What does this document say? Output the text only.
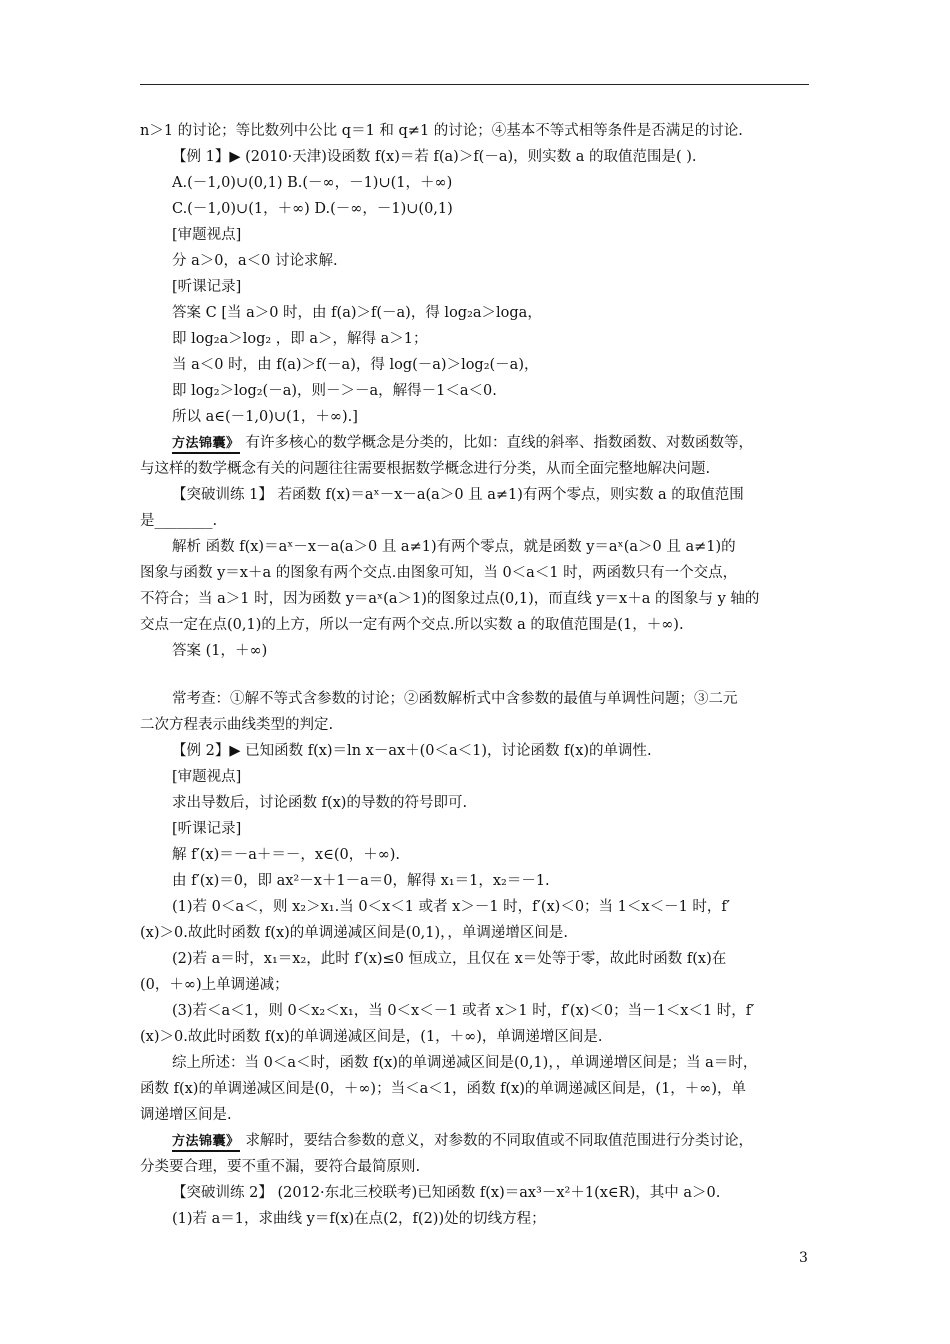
n＞1 的讨论；等比数列中公比 q＝1 和 q≠1 的讨论；④基本不等式相等条件是否满足的讨论.
【例 1】▶ (2010·天津)设函数 f(x)＝若 f(a)＞f(－a)，则实数 a 的取值范围是( ).
A.(－1,0)∪(0,1) B.(－∞，－1)∪(1，＋∞)
C.(－1,0)∪(1，＋∞) D.(－∞，－1)∪(0,1)
[审题视点]
分 a＞0，a＜0 讨论求解.
[听课记录]
答案 C [当 a＞0 时，由 f(a)＞f(－a)，得 log₂a＞loga，
即 log₂a＞log₂ ，即 a＞，解得 a＞1；
当 a＜0 时，由 f(a)＞f(－a)，得 log(－a)＞log₂(－a)，
即 log₂＞log₂(－a)，则－＞－a，解得－1＜a＜0.
所以 a∈(－1,0)∪(1，＋∞).]
方法锦囊》 有许多核心的数学概念是分类的，比如：直线的斜率、指数函数、对数函数等，
与这样的数学概念有关的问题往往需要根据数学概念进行分类，从而全面完整地解决问题.
【突破训练 1】 若函数 f(x)＝aˣ－x－a(a＞0 且 a≠1)有两个零点，则实数 a 的取值范围
是________.
解析 函数 f(x)＝aˣ－x－a(a＞0 且 a≠1)有两个零点，就是函数 y＝aˣ(a＞0 且 a≠1)的
图象与函数 y＝x＋a 的图象有两个交点.由图象可知，当 0＜a＜1 时，两函数只有一个交点，
不符合；当 a＞1 时，因为函数 y＝aˣ(a＞1)的图象过点(0,1)，而直线 y＝x＋a 的图象与 y 轴的
交点一定在点(0,1)的上方，所以一定有两个交点.所以实数 a 的取值范围是(1，＋∞).
答案 (1，＋∞)
常考查：①解不等式含参数的讨论；②函数解析式中含参数的最值与单调性问题；③二元
二次方程表示曲线类型的判定.
【例 2】▶ 已知函数 f(x)＝ln x－ax＋(0＜a＜1)，讨论函数 f(x)的单调性.
[审题视点]
求出导数后，讨论函数 f(x)的导数的符号即可.
[听课记录]
解 f′(x)＝－a＋＝－，x∈(0，＋∞).
由 f′(x)＝0，即 ax²－x＋1－a＝0，解得 x₁＝1，x₂＝－1.
(1)若 0＜a＜，则 x₂＞x₁.当 0＜x＜1 或者 x＞－1 时，f′(x)＜0；当 1＜x＜－1 时，f′
(x)＞0.故此时函数 f(x)的单调递减区间是(0,1)，，单调递增区间是.
(2)若 a＝时，x₁＝x₂，此时 f′(x)≤0 恒成立，且仅在 x＝处等于零，故此时函数 f(x)在
(0，＋∞)上单调递减；
(3)若＜a＜1，则 0＜x₂＜x₁，当 0＜x＜－1 或者 x＞1 时，f′(x)＜0；当－1＜x＜1 时，f′
(x)＞0.故此时函数 f(x)的单调递减区间是，(1，＋∞)，单调递增区间是.
综上所述：当 0＜a＜时，函数 f(x)的单调递减区间是(0,1)，，单调递增区间是；当 a＝时，
函数 f(x)的单调递减区间是(0，＋∞)；当＜a＜1，函数 f(x)的单调递减区间是，(1，＋∞)，单
调递增区间是.
方法锦囊》 求解时，要结合参数的意义，对参数的不同取值或不同取值范围进行分类讨论，
分类要合理，要不重不漏，要符合最简原则.
【突破训练 2】 (2012·东北三校联考)已知函数 f(x)＝ax³－x²＋1(x∈R)，其中 a＞0.
(1)若 a＝1，求曲线 y＝f(x)在点(2，f(2))处的切线方程；
3
